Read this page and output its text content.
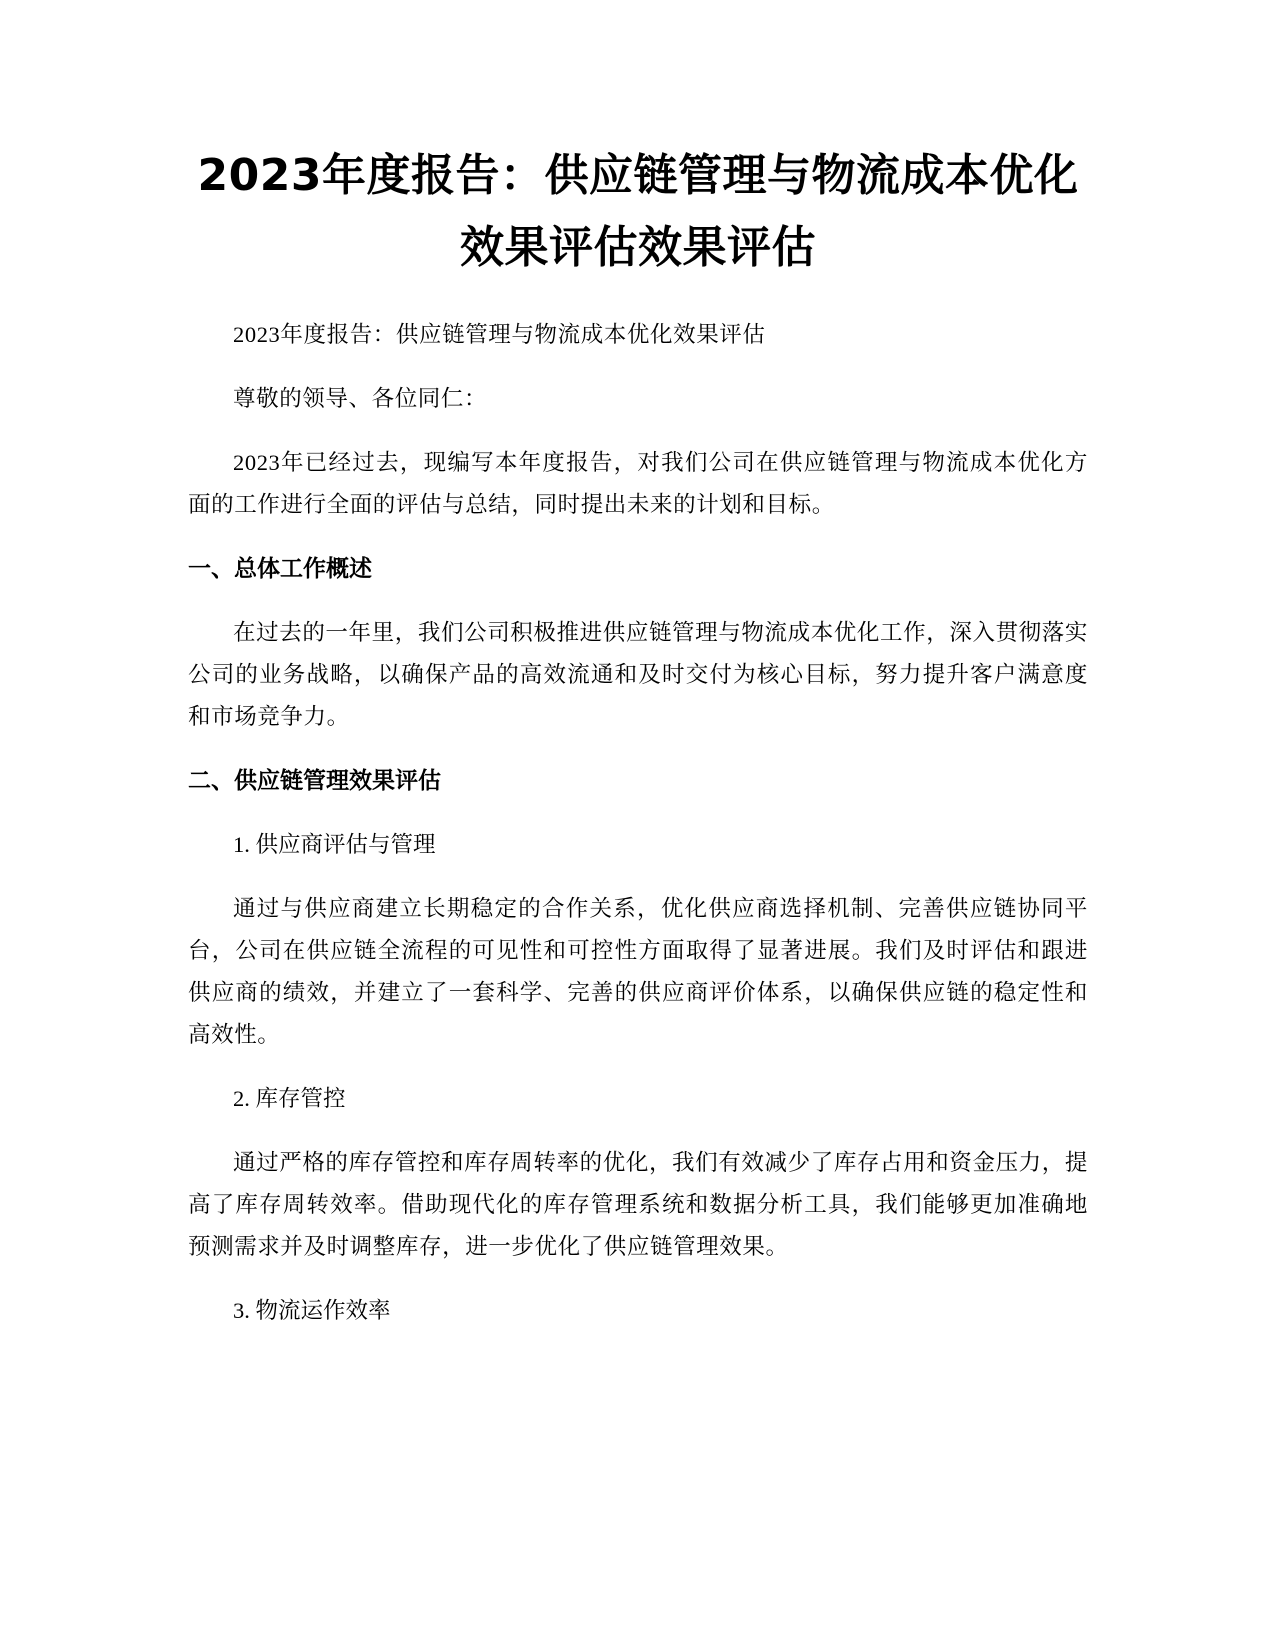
2023年度报告：供应链管理与物流成本优化效果评估效果评估

2023年度报告：供应链管理与物流成本优化效果评估

尊敬的领导、各位同仁：

2023年已经过去，现编写本年度报告，对我们公司在供应链管理与物流成本优化方面的工作进行全面的评估与总结，同时提出未来的计划和目标。

一、总体工作概述

在过去的一年里，我们公司积极推进供应链管理与物流成本优化工作，深入贯彻落实公司的业务战略，以确保产品的高效流通和及时交付为核心目标，努力提升客户满意度和市场竞争力。

二、供应链管理效果评估

1. 供应商评估与管理

通过与供应商建立长期稳定的合作关系，优化供应商选择机制、完善供应链协同平台，公司在供应链全流程的可见性和可控性方面取得了显著进展。我们及时评估和跟进供应商的绩效，并建立了一套科学、完善的供应商评价体系，以确保供应链的稳定性和高效性。

2. 库存管控

通过严格的库存管控和库存周转率的优化，我们有效减少了库存占用和资金压力，提高了库存周转效率。借助现代化的库存管理系统和数据分析工具，我们能够更加准确地预测需求并及时调整库存，进一步优化了供应链管理效果。

3. 物流运作效率
